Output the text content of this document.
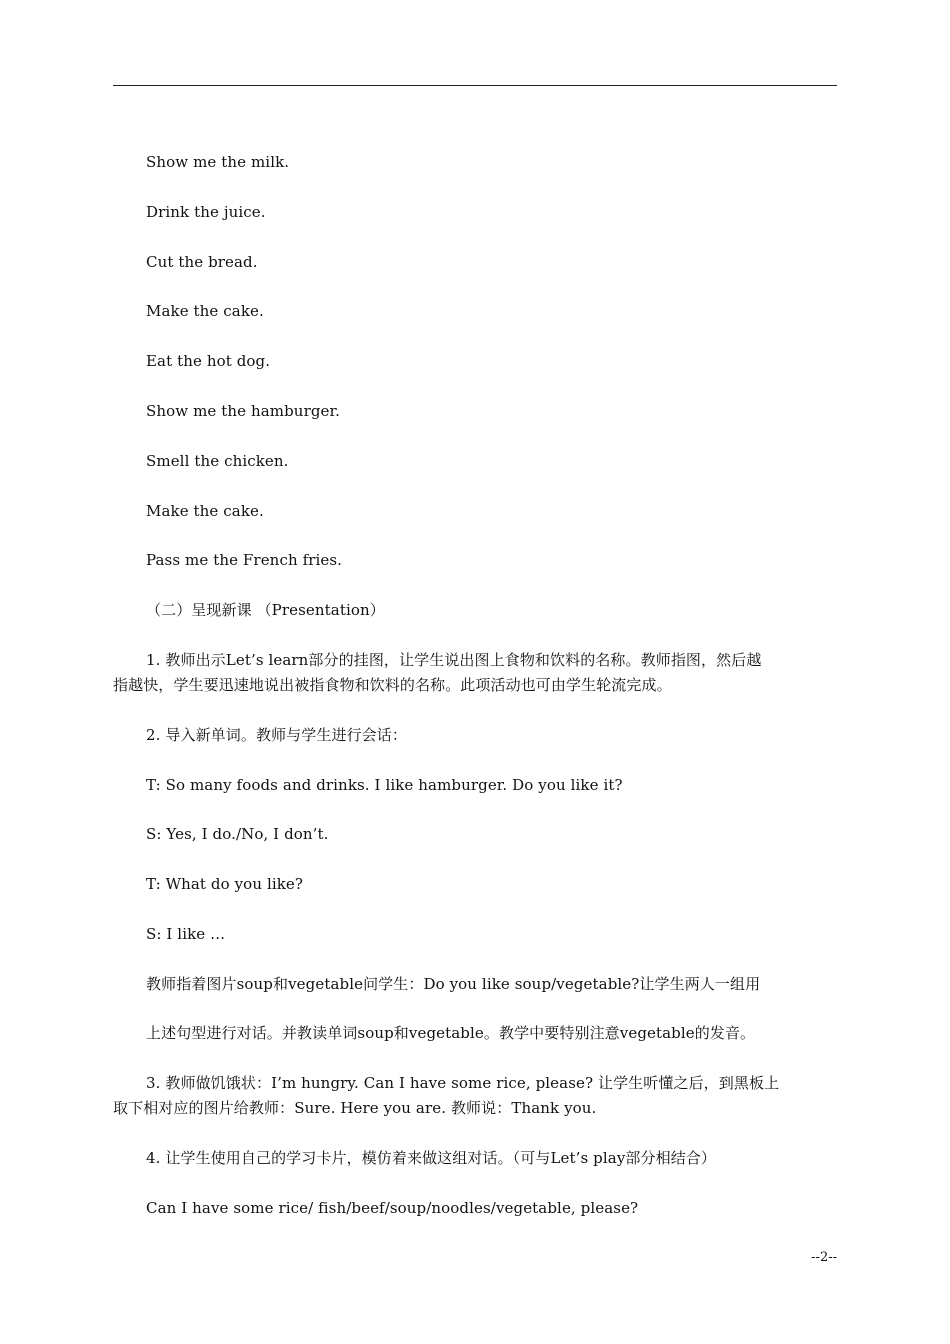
Show me the milk.
Drink the juice.
Cut the bread.
Make the cake.
Eat the hot dog.
Show me the hamburger.
Smell the chicken.
Make the cake.
Pass me the French fries.
（二）呈现新课 （Presentation）
1. 教师出示Let’s learn部分的挂图，让学生说出图上食物和饮料的名称。教师指图，然后越
指越快，学生要迅速地说出被指食物和饮料的名称。此项活动也可由学生轮流完成。
2. 导入新单词。教师与学生进行会话：
T: So many foods and drinks. I like hamburger. Do you like it?
S: Yes, I do./No, I don’t.
T: What do you like?
S: I like …
教师指着图片soup和vegetable问学生：Do you like soup/vegetable?让学生两人一组用
上述句型进行对话。并教读单词soup和vegetable。教学中要特别注意vegetable的发音。
3. 教师做饥饿状：I’m hungry. Can I have some rice, please? 让学生听懂之后，到黑板上
取下相对应的图片给教师：Sure. Here you are. 教师说：Thank you.
4. 让学生使用自己的学习卡片，模仿着来做这组对话。（可与Let’s play部分相结合）
Can I have some rice/ fish/beef/soup/noodles/vegetable, please?
--2--
